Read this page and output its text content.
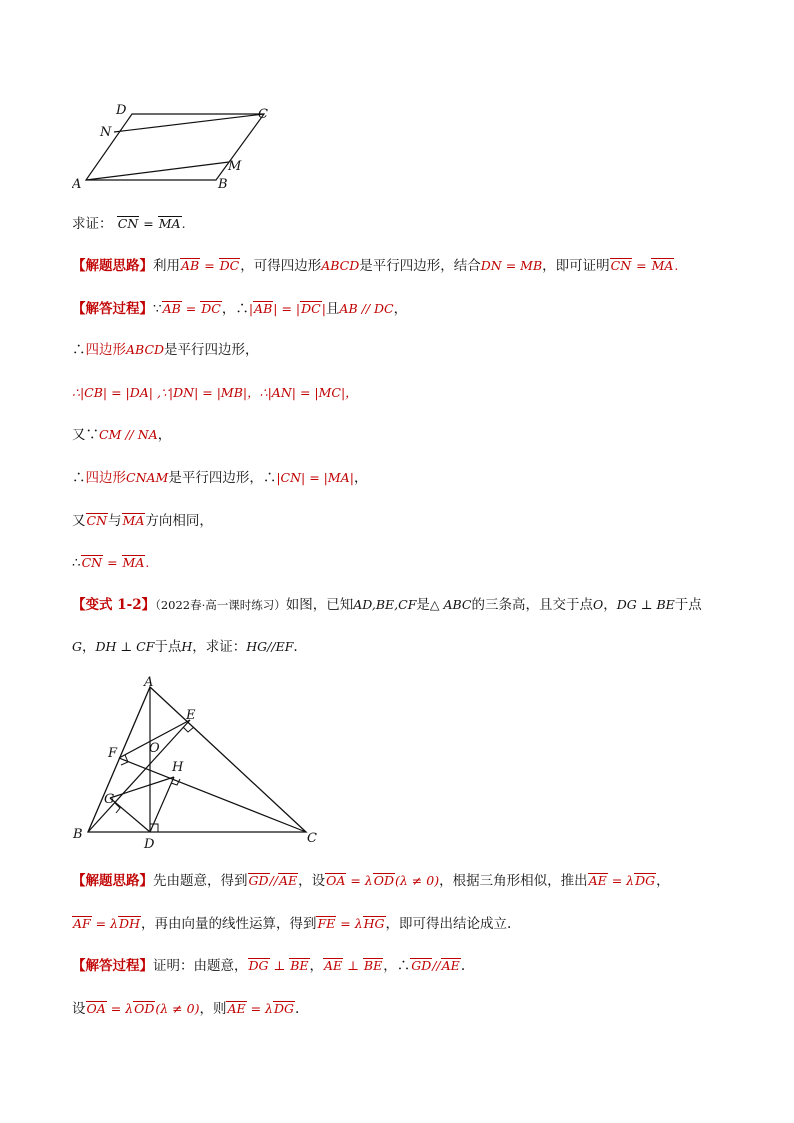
D	C
N
M
A	B
求证： CN = MA.
【解题思路】利用AB = DC，可得四边形ABCD是平行四边形，结合DN = MB，即可证明CN = MA.
【解答过程】∵AB = DC，∴|AB| = |DC|且AB // DC，
∴四边形ABCD是平行四边形，
∴|CB| = |DA| ,∵|DN| = |MB|，∴|AN| = |MC|，
又∵CM // NA，
∴四边形CNAM是平行四边形，∴|CN| = |MA|，
又CN与MA方向相同，
∴CN = MA.
【变式 1-2】（2022春·高一课时练习）如图，已知AD,BE,CF是△ ABC的三条高，且交于点O，DG ⊥ BE于点
G，DH ⊥ CF于点H，求证：HG//EF.
A
E
F O
H
G
B
D	C
【解题思路】先由题意，得到GD//AE，设OA = λOD(λ ≠ 0)，根据三角形相似，推出AE = λDG，
AF = λDH，再由向量的线性运算，得到FE = λHG，即可得出结论成立.
【解答过程】证明：由题意，DG ⊥ BE，AE ⊥ BE，∴GD//AE.
设OA = λOD(λ ≠ 0)，则AE = λDG.
